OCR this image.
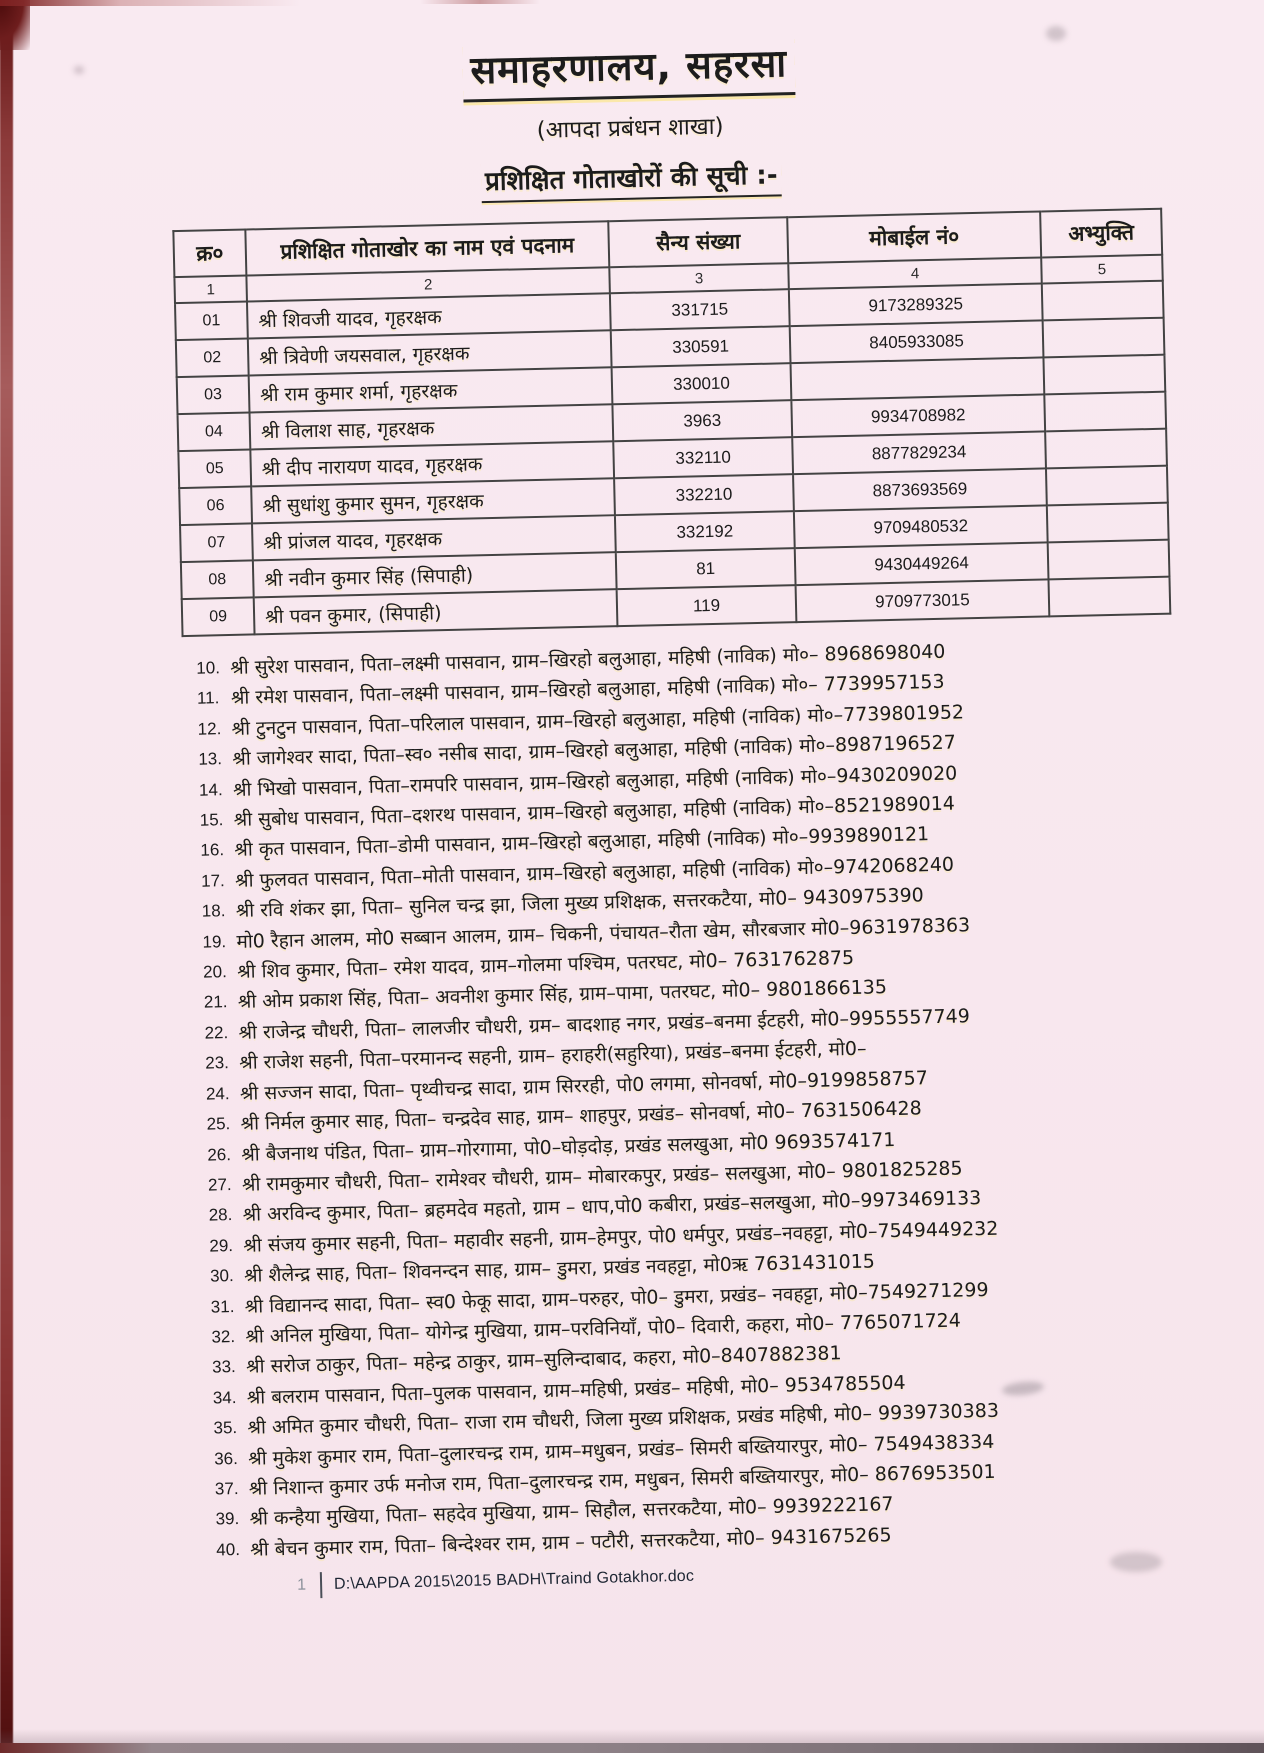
समाहरणालय, सहरसा
(आपदा प्रबंधन शाखा)
प्रशिक्षित गोताखोरों की सूची :-
क्र०	प्रशिक्षित गोताखोर का नाम एवं पदनाम	सैन्य संख्या	मोबाईल नं०	अभ्युक्ति
1	2	3	4	5
01	श्री शिवजी यादव, गृहरक्षक	331715	9173289325	
02	श्री त्रिवेणी जयसवाल, गृहरक्षक	330591	8405933085	
03	श्री राम कुमार शर्मा, गृहरक्षक	330010		
04	श्री विलाश साह, गृहरक्षक	3963	9934708982	
05	श्री दीप नारायण यादव, गृहरक्षक	332110	8877829234	
06	श्री सुधांशु कुमार सुमन, गृहरक्षक	332210	8873693569	
07	श्री प्रांजल यादव, गृहरक्षक	332192	9709480532	
08	श्री नवीन कुमार सिंह (सिपाही)	81	9430449264	
09	श्री पवन कुमार, (सिपाही)	119	9709773015	
10. श्री सुरेश पासवान, पिता–लक्ष्मी पासवान, ग्राम–खिरहो बलुआहा, महिषी (नाविक) मो०– 8968698040
11. श्री रमेश पासवान, पिता–लक्ष्मी पासवान, ग्राम–खिरहो बलुआहा, महिषी (नाविक) मो०– 7739957153
12. श्री टुनटुन पासवान, पिता–परिलाल पासवान, ग्राम–खिरहो बलुआहा, महिषी (नाविक) मो०–7739801952
13. श्री जागेश्वर सादा, पिता–स्व० नसीब सादा, ग्राम–खिरहो बलुआहा, महिषी (नाविक) मो०–8987196527
14. श्री भिखो पासवान, पिता–रामपरि पासवान, ग्राम–खिरहो बलुआहा, महिषी (नाविक) मो०–9430209020
15. श्री सुबोध पासवान, पिता–दशरथ पासवान, ग्राम–खिरहो बलुआहा, महिषी (नाविक) मो०–8521989014
16. श्री कृत पासवान, पिता–डोमी पासवान, ग्राम–खिरहो बलुआहा, महिषी (नाविक) मो०–9939890121
17. श्री फुलवत पासवान, पिता–मोती पासवान, ग्राम–खिरहो बलुआहा, महिषी (नाविक) मो०–9742068240
18. श्री रवि शंकर झा, पिता– सुनिल चन्द्र झा, जिला मुख्य प्रशिक्षक, सत्तरकटैया, मो0– 9430975390
19. मो0 रैहान आलम, मो0 सब्बान आलम, ग्राम– चिकनी, पंचायत–रौता खेम, सौरबजार मो0–9631978363
20. श्री शिव कुमार, पिता– रमेश यादव, ग्राम–गोलमा पश्चिम, पतरघट, मो0– 7631762875
21. श्री ओम प्रकाश सिंह, पिता– अवनीश कुमार सिंह, ग्राम–पामा, पतरघट, मो0– 9801866135
22. श्री राजेन्द्र चौधरी, पिता– लालजीर चौधरी, ग्रम– बादशाह नगर, प्रखंड–बनमा ईटहरी, मो0–9955557749
23. श्री राजेश सहनी, पिता–परमानन्द सहनी, ग्राम– हराहरी(सहुरिया), प्रखंड–बनमा ईटहरी, मो0–
24. श्री सज्जन सादा, पिता– पृथ्वीचन्द्र सादा, ग्राम सिररही, पो0 लगमा, सोनवर्षा, मो0–9199858757
25. श्री निर्मल कुमार साह, पिता– चन्द्रदेव साह, ग्राम– शाहपुर, प्रखंड– सोनवर्षा, मो0– 7631506428
26. श्री बैजनाथ पंडित, पिता– ग्राम–गोरगामा, पो0–घोड़दोड़, प्रखंड सलखुआ, मो0 9693574171
27. श्री रामकुमार चौधरी, पिता– रामेश्वर चौधरी, ग्राम– मोबारकपुर, प्रखंड– सलखुआ, मो0– 9801825285
28. श्री अरविन्द कुमार, पिता– ब्रहमदेव महतो, ग्राम – धाप,पो0 कबीरा, प्रखंड–सलखुआ, मो0–9973469133
29. श्री संजय कुमार सहनी, पिता– महावीर सहनी, ग्राम–हेमपुर, पो0 धर्मपुर, प्रखंड–नवहट्टा, मो0–7549449232
30. श्री शैलेन्द्र साह, पिता– शिवनन्दन साह, ग्राम– डुमरा, प्रखंड नवहट्टा, मो0ऋ 7631431015
31. श्री विद्यानन्द सादा, पिता– स्व0 फेकू सादा, ग्राम–परुहर, पो0– डुमरा, प्रखंड– नवहट्टा, मो0–7549271299
32. श्री अनिल मुखिया, पिता– योगेन्द्र मुखिया, ग्राम–परविनियाँ, पो0– दिवारी, कहरा, मो0– 7765071724
33. श्री सरोज ठाकुर, पिता– महेन्द्र ठाकुर, ग्राम–सुलिन्दाबाद, कहरा, मो0–8407882381
34. श्री बलराम पासवान, पिता–पुलक पासवान, ग्राम–महिषी, प्रखंड– महिषी, मो0– 9534785504
35. श्री अमित कुमार चौधरी, पिता– राजा राम चौधरी, जिला मुख्य प्रशिक्षक, प्रखंड महिषी, मो0– 9939730383
36. श्री मुकेश कुमार राम, पिता–दुलारचन्द्र राम, ग्राम–मधुबन, प्रखंड– सिमरी बख्तियारपुर, मो0– 7549438334
37. श्री निशान्त कुमार उर्फ मनोज राम, पिता–दुलारचन्द्र राम, मधुबन, सिमरी बख्तियारपुर, मो0– 8676953501
39. श्री कन्हैया मुखिया, पिता– सहदेव मुखिया, ग्राम– सिहौल, सत्तरकटैया, मो0– 9939222167
40. श्री बेचन कुमार राम, पिता– बिन्देश्वर राम, ग्राम – पटौरी, सत्तरकटैया, मो0– 9431675265
1 D:\AAPDA 2015\2015 BADH\Traind Gotakhor.doc
